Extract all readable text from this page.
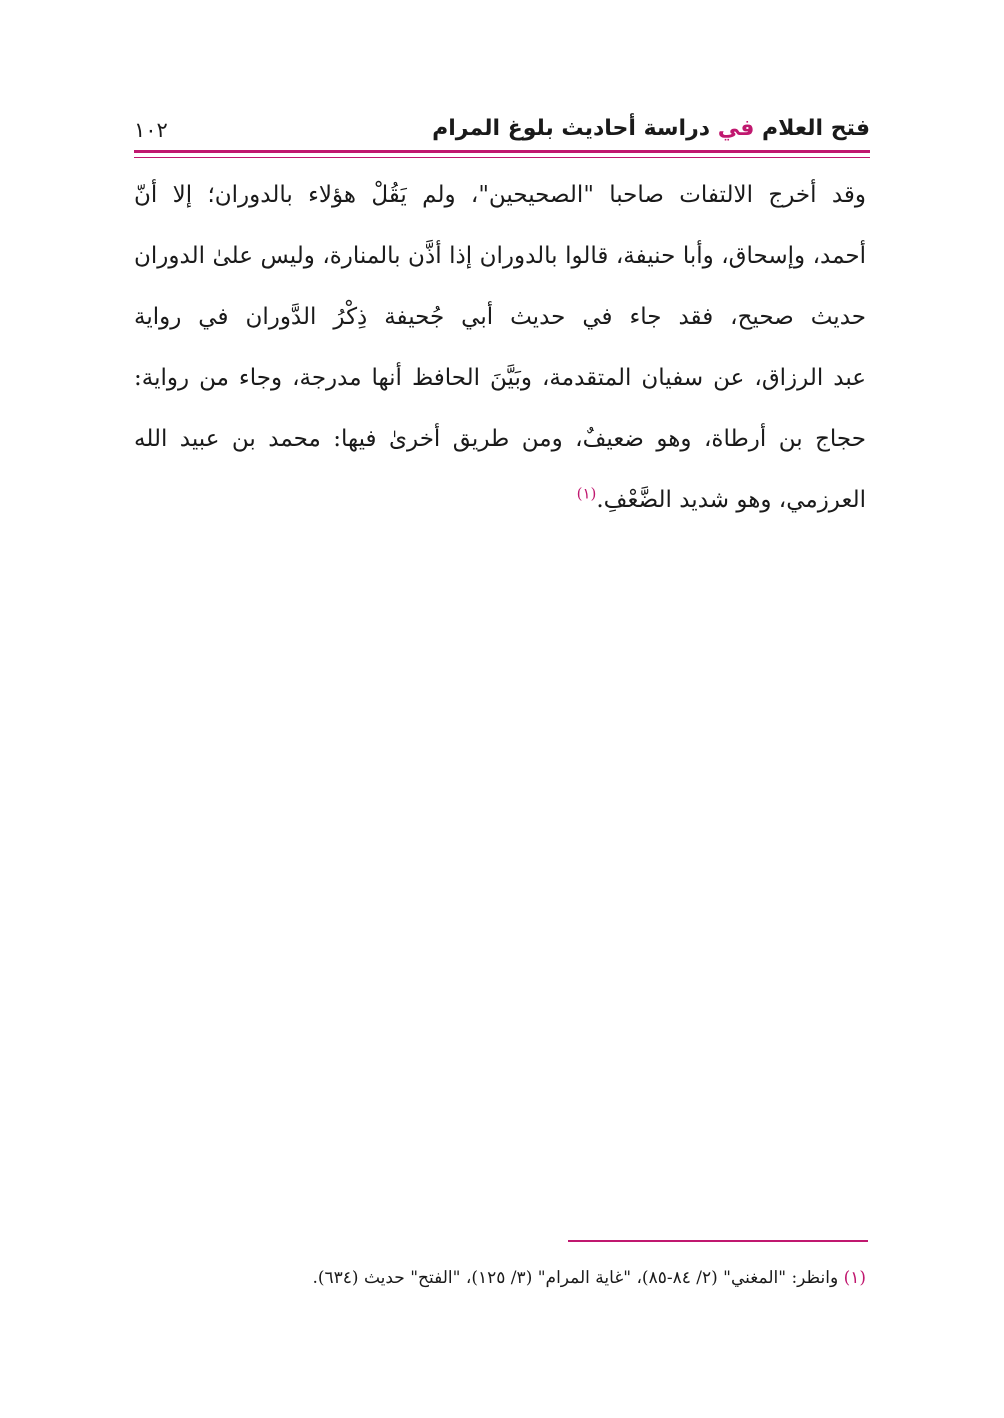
فتح العلام في دراسة أحاديث بلوغ المرام
١٠٢
وقد أخرج الالتفات صاحبا "الصحيحين"، ولم يَقُلْ هؤلاء بالدوران؛ إلا أنّ
أحمد، وإسحاق، وأبا حنيفة، قالوا بالدوران إذا أذَّن بالمنارة، وليس علىٰ الدوران
حديث صحيح، فقد جاء في حديث أبي جُحيفة ذِكْرُ الدَّوران في رواية
عبد الرزاق، عن سفيان المتقدمة، وبَيَّنَ الحافظ أنها مدرجة، وجاء من رواية:
حجاج بن أرطاة، وهو ضعيفٌ، ومن طريق أخرىٰ فيها: محمد بن عبيد الله
العرزمي، وهو شديد الضَّعْفِ.$^{(١)}$
(١) وانظر: "المغني" (٢/ ٨٤-٨٥)، "غاية المرام" (٣/ ١٢٥)، "الفتح" حديث (٦٣٤).
